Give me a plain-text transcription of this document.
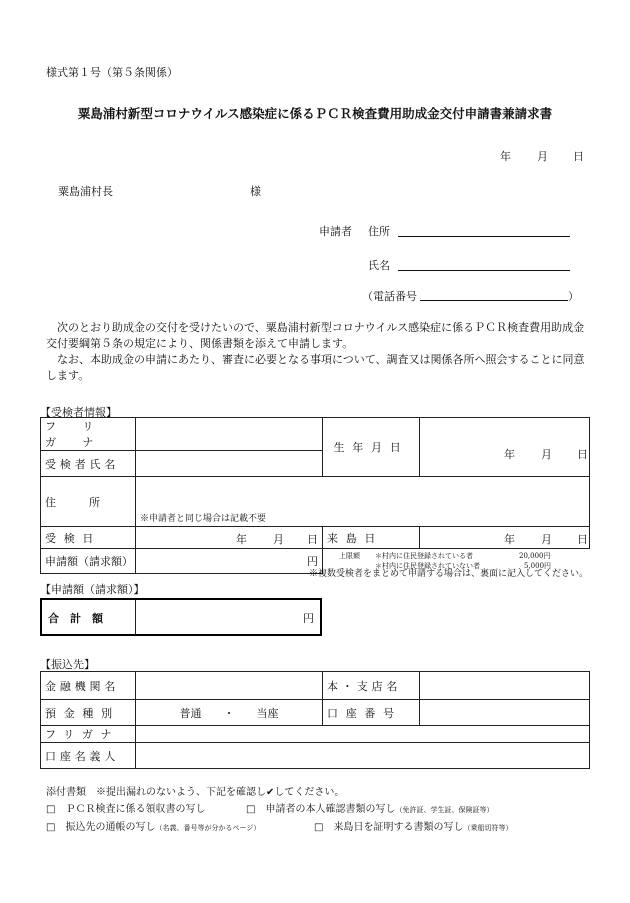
様式第１号（第５条関係）
粟島浦村新型コロナウイルス感染症に係るＰＣＲ検査費用助成金交付申請書兼請求書
年 月 日
粟島浦村長	様
申請者 住所
氏名
（電話番号	）
次のとおり助成金の交付を受けたいので、粟島浦村新型コロナウイルス感染症に係るＰＣＲ検査費用助成金交付要綱第５条の規定により、関係書類を添えて申請します。
なお、本助成金の申請にあたり、審査に必要となる事項について、調査又は関係各所へ照会することに同意します。
【受検者情報】
フ　リ　ガ　ナ		生年月日	年 月 日

受検者氏名			
住　　　所	※申請者と同じ場合は記載不要		

受検日	年 月 日	来島日	年 月 日

申請額（請求額）	円	上限額 ＊村内に住民登録されている者 20,000円
＊村内に住民登録されていない者 5,000円	
※複数受検者をまとめて申請する場合は、裏面に記入してください。
【申請額（請求額）】
合　計　額	円
【振込先】
金融機関名		本・支店名	
預金種別	普通　　・　　当座	口座番号	
フリガナ			
口座名義人			
添付書類　※提出漏れのないよう、下記を確認し✔してください。
□　ＰＣＲ検査に係る領収書の写し	□　申請者の本人確認書類の写し（免許証、学生証、保険証等）
□　振込先の通帳の写し（名義、番号等が分かるページ）	□　来島日を証明する書類の写し（乗船切符等）
